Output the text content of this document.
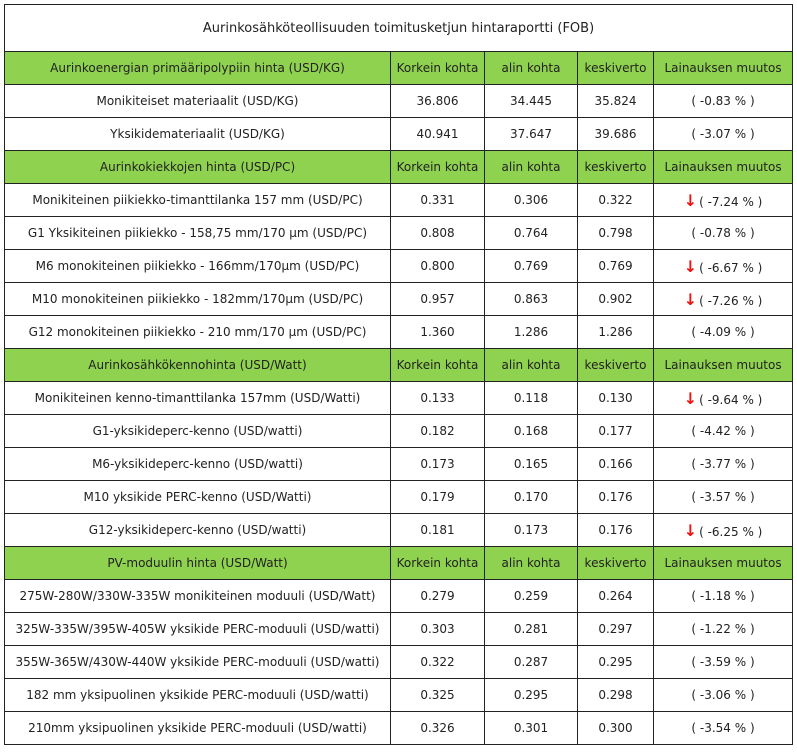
Aurinkosähköteollisuuden toimitusketjun hintaraportti (FOB)				
Aurinkoenergian primääripolypiin hinta (USD/KG)	Korkein kohta	alin kohta	keskiverto	Lainauksen muutos
Monikiteiset materiaalit (USD/KG)	36.806	34.445	35.824	( -0.83 % )
Yksikidemateriaalit (USD/KG)	40.941	37.647	39.686	( -3.07 % )
Aurinkokiekkojen hinta (USD/PC)	Korkein kohta	alin kohta	keskiverto	Lainauksen muutos
Monikiteinen piikiekko-timanttilanka 157 mm (USD/PC)	0.331	0.306	0.322	↓ ( -7.24 % )
G1 Yksikiteinen piikiekko - 158,75 mm/170 μm (USD/PC)	0.808	0.764	0.798	( -0.78 % )
M6 monokiteinen piikiekko - 166mm/170μm (USD/PC)	0.800	0.769	0.769	↓ ( -6.67 % )
M10 monokiteinen piikiekko - 182mm/170μm (USD/PC)	0.957	0.863	0.902	↓ ( -7.26 % )
G12 monokiteinen piikiekko - 210 mm/170 μm (USD/PC)	1.360	1.286	1.286	( -4.09 % )
Aurinkosähkökennohinta (USD/Watt)	Korkein kohta	alin kohta	keskiverto	Lainauksen muutos
Monikiteinen kenno-timanttilanka 157mm (USD/Watti)	0.133	0.118	0.130	↓ ( -9.64 % )
G1-yksikideperc-kenno (USD/watti)	0.182	0.168	0.177	( -4.42 % )
M6-yksikideperc-kenno (USD/watti)	0.173	0.165	0.166	( -3.77 % )
M10 yksikide PERC-kenno (USD/Watti)	0.179	0.170	0.176	( -3.57 % )
G12-yksikideperc-kenno (USD/watti)	0.181	0.173	0.176	↓ ( -6.25 % )
PV-moduulin hinta (USD/Watt)	Korkein kohta	alin kohta	keskiverto	Lainauksen muutos
275W-280W/330W-335W monikiteinen moduuli (USD/Watt)	0.279	0.259	0.264	( -1.18 % )
325W-335W/395W-405W yksikide PERC-moduuli (USD/watti)	0.303	0.281	0.297	( -1.22 % )
355W-365W/430W-440W yksikide PERC-moduuli (USD/watti)	0.322	0.287	0.295	( -3.59 % )
182 mm yksipuolinen yksikide PERC-moduuli (USD/watti)	0.325	0.295	0.298	( -3.06 % )
210mm yksipuolinen yksikide PERC-moduuli (USD/watti)	0.326	0.301	0.300	( -3.54 % )
